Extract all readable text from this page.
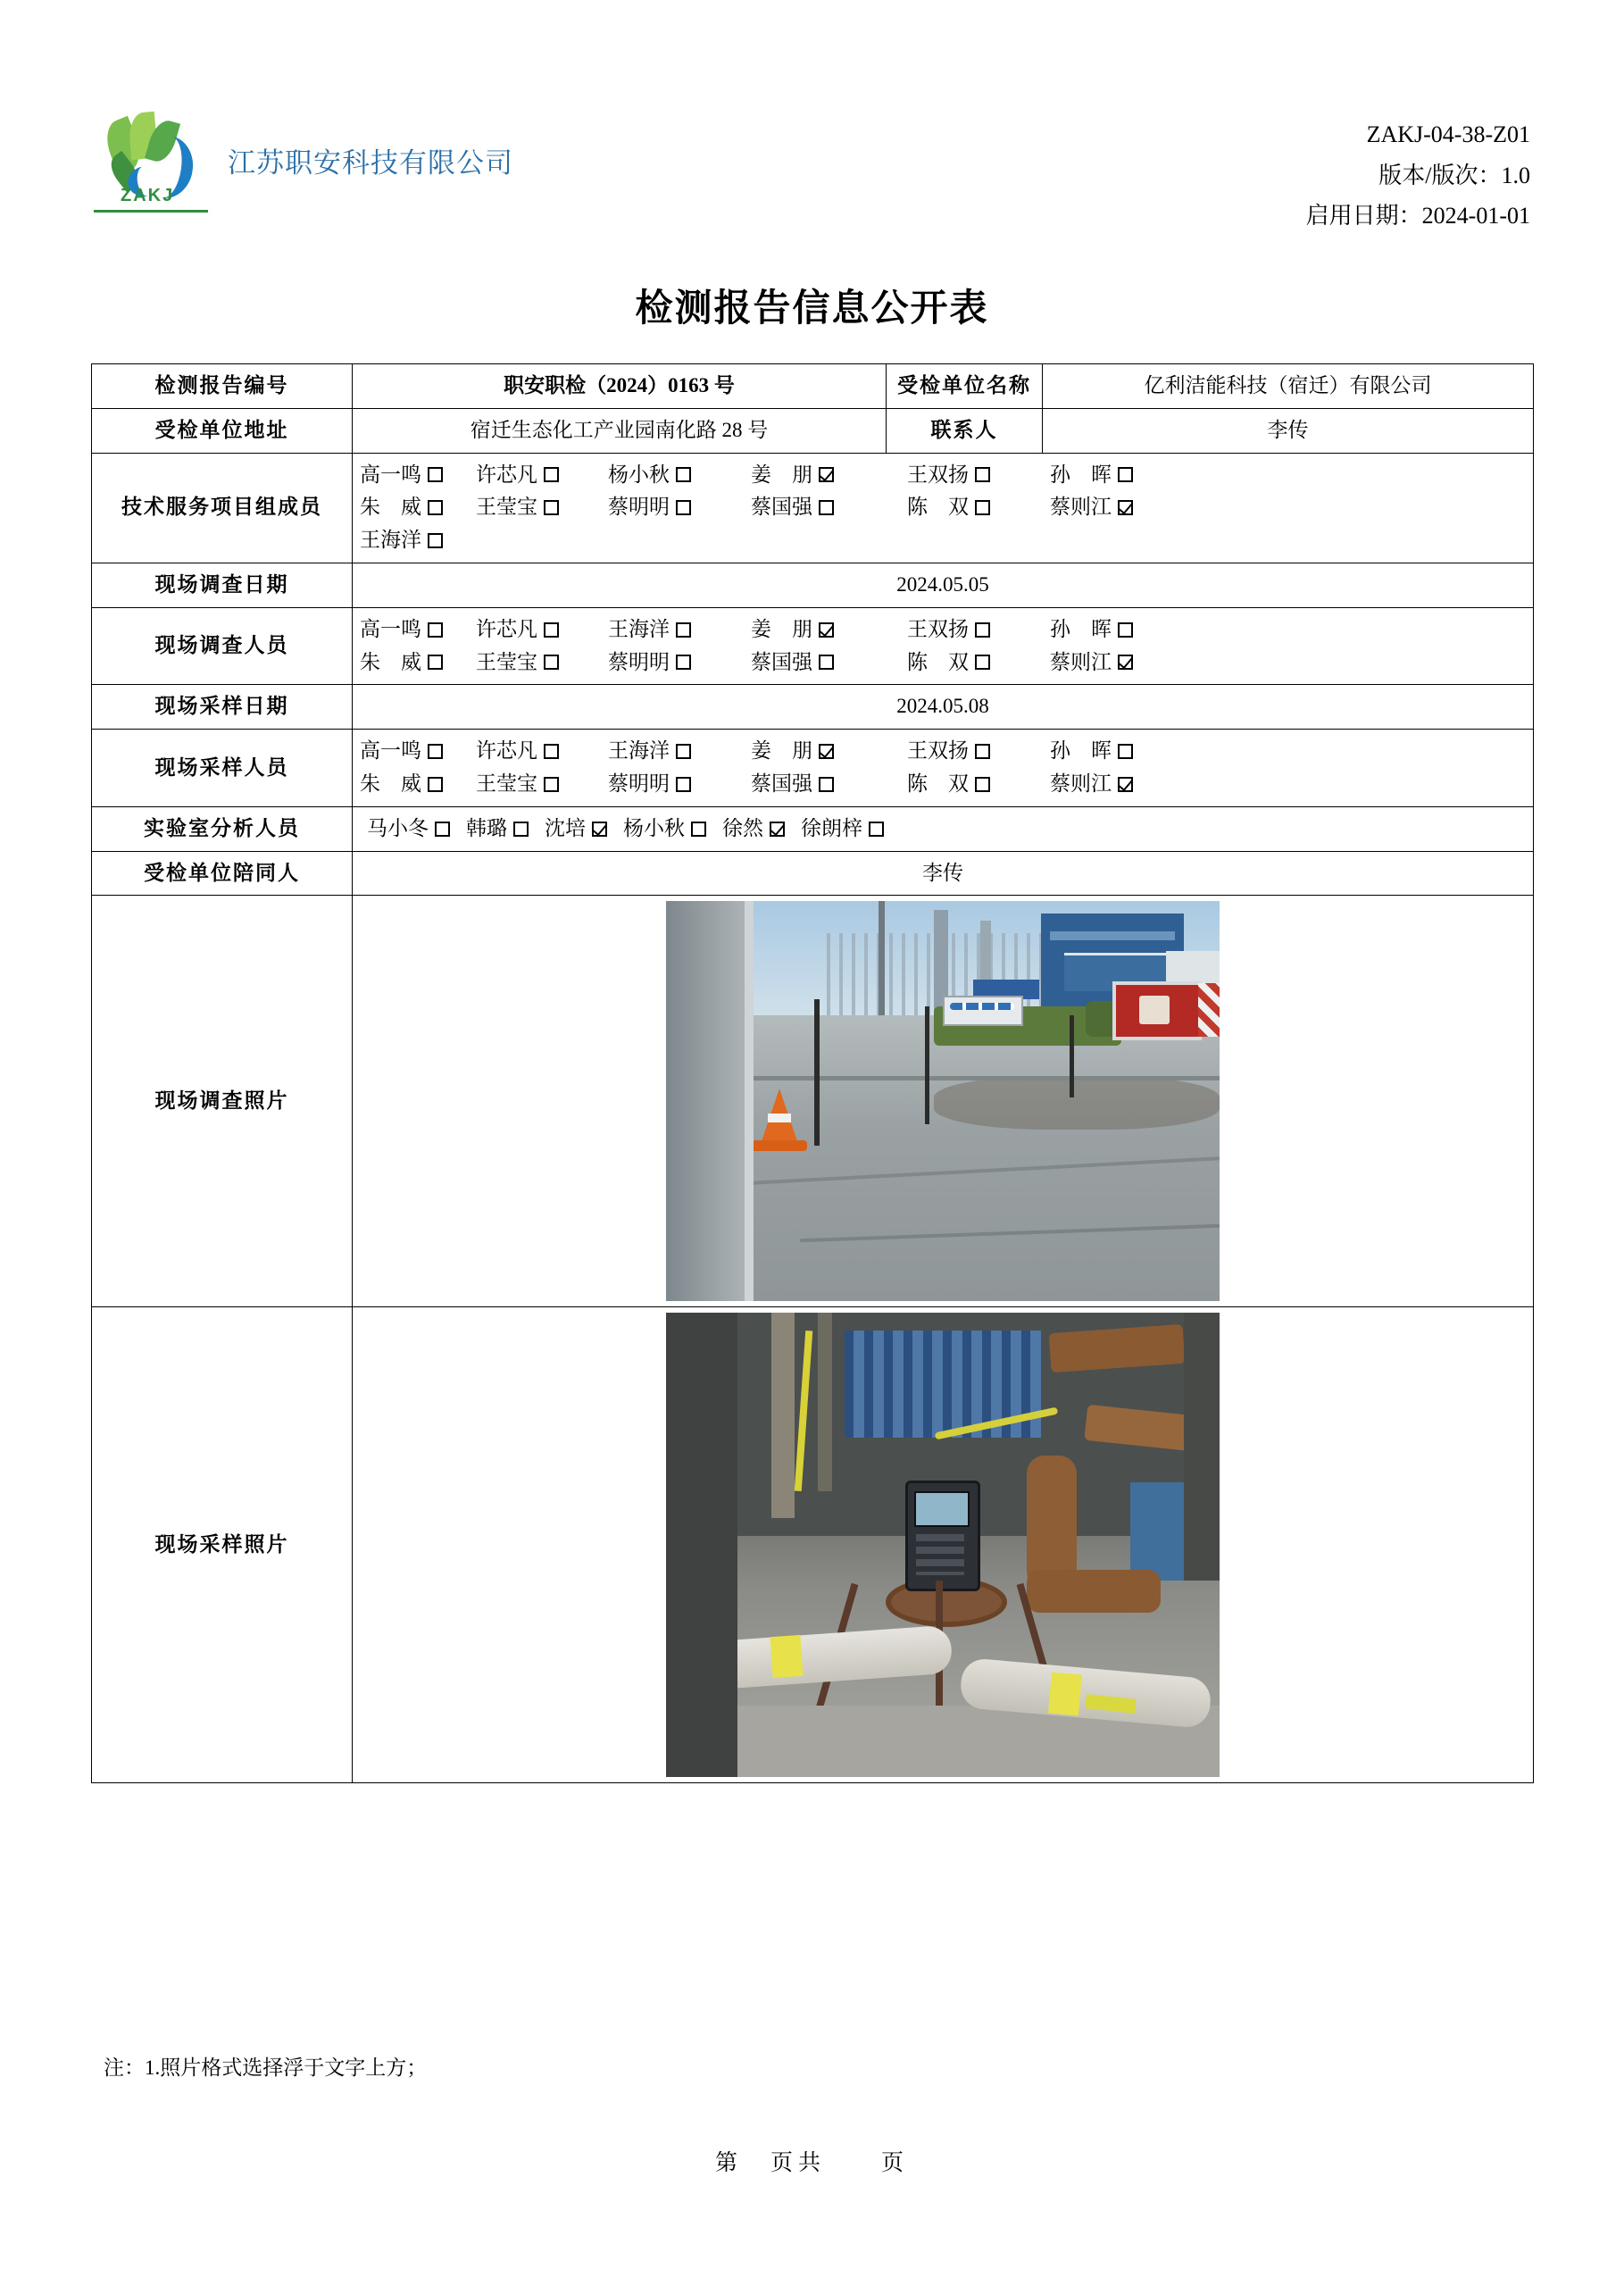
ZAKJ
江苏职安科技有限公司
ZAKJ-04-38-Z01
版本/版次：1.0
启用日期：2024-01-01
检测报告信息公开表
检测报告编号	职安职检（2024）0163 号	受检单位名称	亿利洁能科技（宿迁）有限公司
受检单位地址	宿迁生态化工产业园南化路 28 号	联系人	李传
技术服务项目组成员	
高一鸣	许芯凡	杨小秋	姜　朋	王双扬	孙　晖
朱　威	王莹宝	蔡明明	蔡国强	陈　双	蔡则江
王海洋

现场调查日期	2024.05.05		
现场调查人员	
高一鸣	许芯凡	王海洋	姜　朋	王双扬	孙　晖
朱　威	王莹宝	蔡明明	蔡国强	陈　双	蔡则江

现场采样日期	2024.05.08		
现场采样人员	
高一鸣	许芯凡	王海洋	姜　朋	王双扬	孙　晖
朱　威	王莹宝	蔡明明	蔡国强	陈　双	蔡则江

实验室分析人员	马小冬 韩璐 沈培 杨小秋 徐然 徐朗梓

受检单位陪同人	李传		
现场调查照片			

现场采样照片			
注：1.照片格式选择浮于文字上方；
第　页共　　页
